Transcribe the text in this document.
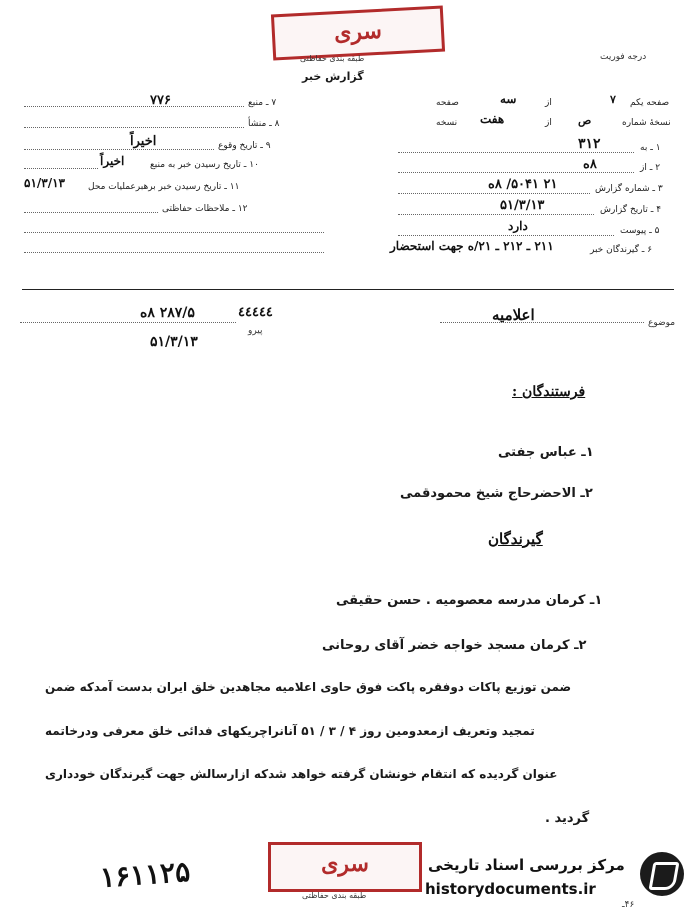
سری
طبقه بندی حفاظتی	درجه فوریت
گزارش خبر
صفحه یکم
۷
از
سه
صفحه
نسخهٔ شماره
ص
از
هفت
نسخه
۱ ـ به
۳۱۲
۲ ـ از
۸ه
۳ ـ شماره گزارش
۲۱ ۵۰۴۱/ ۸ه
۴ ـ تاریخ گزارش
۵۱/۳/۱۳
۵ ـ پیوست
دارد
۶ ـ گیرندگان خبر
۲۱۱ ـ ۲۱۲ ـ ۲۱/ه جهت استحضار
۷ ـ منبع
۷۷۶
۸ ـ منشأ
۹ ـ تاریخ وقوع
اخیراً
۱۰ ـ تاریخ رسیدن خبر به منبع
اخیراً
۱۱ ـ تاریخ رسیدن خبر برهبرعملیات محل
۵۱/۳/۱۳
۱۲ ـ ملاحظات حفاظتی
موضوع
اعلامیه
٤٤٤٤٤
پیرو
۲۸۷/۵ ۸ه
۵۱/۳/۱۳
فرستندگان :
۱ـ عباس جفتی
۲ـ الاحضرحاج شیخ محمودقمی
گیرندگان
۱ـ کرمان مدرسه معصومیه . حسن حقیقی
۲ـ کرمان مسجد خواجه خضر آقای روحانی
ضمن توزیع پاکات دوفقره پاکت فوق حاوی اعلامیه مجاهدین خلق ایران بدست آمدکه ضمن
تمجید وتعریف ازمعدومین روز ۴ / ۳ / ۵۱ آنانراچریکهای فدائی خلق معرفی ودرخاتمه
عنوان گردیده که انتقام خونشان گرفته خواهد شدکه ازارسالش جهت گیرندگان خودداری
گردید .
سری
طبقه بندی حفاظتی
۱۶۱۱۲۵	مرکز بررسی اسناد تاریخی
historydocuments.ir
۴۶ـ
